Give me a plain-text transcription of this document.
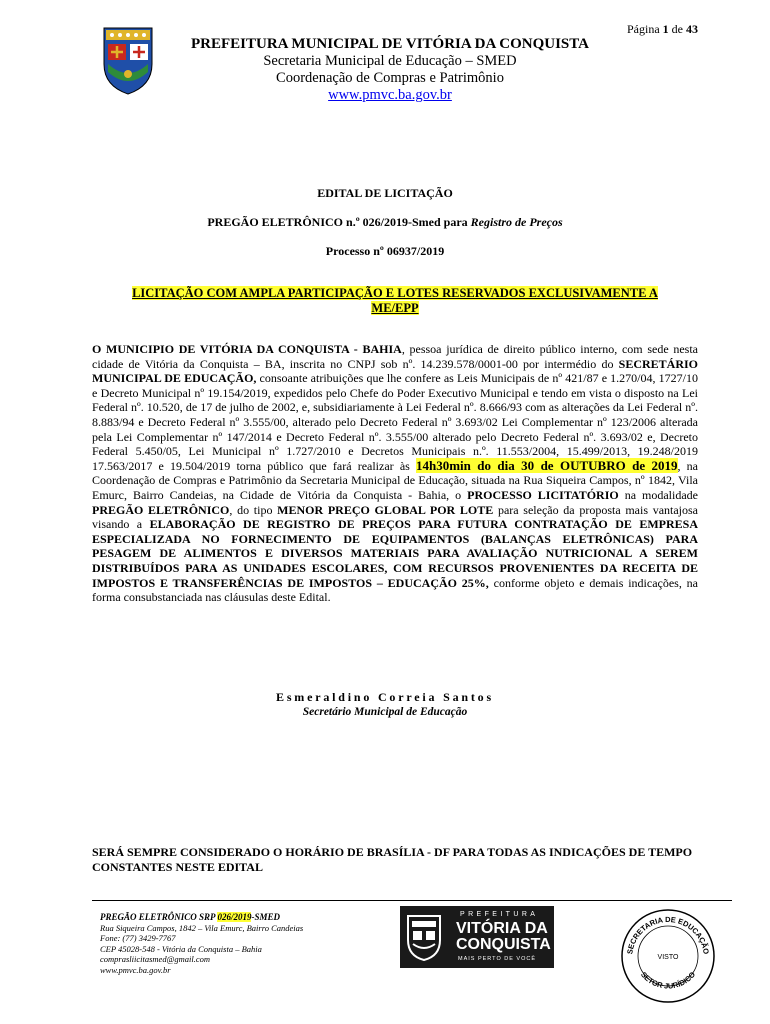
Página 1 de 43
PREFEITURA MUNICIPAL DE VITÓRIA DA CONQUISTA
Secretaria Municipal de Educação – SMED
Coordenação de Compras e Patrimônio
www.pmvc.ba.gov.br
EDITAL DE LICITAÇÃO
PREGÃO ELETRÔNICO n.º 026/2019-Smed para Registro de Preços
Processo nº 06937/2019
LICITAÇÃO COM AMPLA PARTICIPAÇÃO E LOTES RESERVADOS EXCLUSIVAMENTE A
ME/EPP
O MUNICIPIO DE VITÓRIA DA CONQUISTA - BAHIA, pessoa jurídica de direito público interno, com sede nesta cidade de Vitória da Conquista – BA, inscrita no CNPJ sob nº. 14.239.578/0001-00 por intermédio do SECRETÁRIO MUNICIPAL DE EDUCAÇÃO, consoante atribuições que lhe confere as Leis Municipais de nº 421/87 e 1.270/04, 1727/10 e Decreto Municipal nº 19.154/2019, expedidos pelo Chefe do Poder Executivo Municipal e tendo em vista o disposto na Lei Federal nº. 10.520, de 17 de julho de 2002, e, subsidiariamente à Lei Federal nº. 8.666/93 com as alterações da Lei Federal nº. 8.883/94 e Decreto Federal nº 3.555/00, alterado pelo Decreto Federal nº 3.693/02 Lei Complementar nº 123/2006 alterada pela Lei Complementar nº 147/2014 e Decreto Federal nº. 3.555/00 alterado pelo Decreto Federal nº. 3.693/02 e, Decreto Federal 5.450/05, Lei Municipal nº 1.727/2010 e Decretos Municipais n.º. 11.553/2004, 15.499/2013, 19.248/2019 17.563/2017 e 19.504/2019 torna público que fará realizar às 14h30min do dia 30 de OUTUBRO de 2019, na Coordenação de Compras e Patrimônio da Secretaria Municipal de Educação, situada na Rua Siqueira Campos, nº 1842, Vila Emurc, Bairro Candeias, na Cidade de Vitória da Conquista - Bahia, o PROCESSO LICITATÓRIO na modalidade PREGÃO ELETRÔNICO, do tipo MENOR PREÇO GLOBAL POR LOTE para seleção da proposta mais vantajosa visando a ELABORAÇÃO DE REGISTRO DE PREÇOS PARA FUTURA CONTRATAÇÃO DE EMPRESA ESPECIALIZADA NO FORNECIMENTO DE EQUIPAMENTOS (BALANÇAS ELETRÔNICAS) PARA PESAGEM DE ALIMENTOS E DIVERSOS MATERIAIS PARA AVALIAÇÃO NUTRICIONAL A SEREM DISTRIBUÍDOS PARA AS UNIDADES ESCOLARES, COM RECURSOS PROVENIENTES DA RECEITA DE IMPOSTOS E TRANSFERÊNCIAS DE IMPOSTOS – EDUCAÇÃO 25%, conforme objeto e demais indicações, na forma consubstanciada nas cláusulas deste Edital.
Esmeraldino Correia Santos
Secretário Municipal de Educação
SERÁ SEMPRE CONSIDERADO O HORÁRIO DE BRASÍLIA - DF PARA TODAS AS INDICAÇÕES DE TEMPO CONSTANTES NESTE EDITAL
PREGÃO ELETRÔNICO SRP 026/2019-SMED
Rua Siqueira Campos, 1842 – Vila Emurc, Bairro Candeias
Fone: (77) 3429-7767
CEP 45028-548 - Vitória da Conquista – Bahia
comprasliicitasmed@gmail.com
www.pmvc.ba.gov.br
PREFEITURA
VITÓRIA DA
CONQUISTA
MAIS PERTO DE VOCÊ
SECRETARIA DE EDUCAÇÃO
VISTO
SETOR JURÍDICO
